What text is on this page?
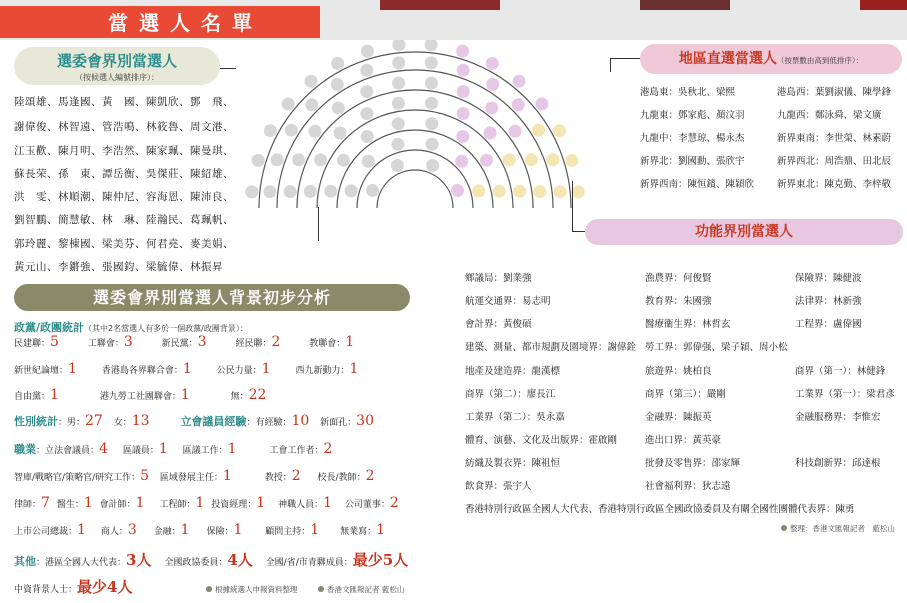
當選人名單
選委會界別當選人
（按候選人編號排序）：
陸頌雄、馬逢國、黃　國、陳凱欣、鄧　飛、
謝偉俊、林智遠、管浩鳴、林筱魯、周文港、
江玉歡、陳月明、李浩然、陳家珮、陳曼琪、
蘇長荣、孫　東、譚岳衡、吳傑莊、陳紹雄、
洪　雯、林順潮、陳仲尼、容海恩、陳沛良、
劉智鵬、簡慧敏、林　琳、陸瀚民、葛珮帆、
郭玲麗、黎棟國、梁美芬、何君堯、麥美娟、
黃元山、李鏘強、張國鈞、梁毓偉、林振昇
選委會界別當選人背景初步分析
政黨/政團統計（其中2名當選人有多於一個政黨/政團背景）：
民建聯：5	工聯會：3	新民黨：3	經民聯：2	教聯會：1
新世紀論壇：1	香港島各界聯合會：1	公民力量：1	西九新動力：1
自由黨：1	港九勞工社團聯會：1	無：22
性別統計：男：27 女：13	立會議員經驗：有經驗：10 新面孔：30
職業：立法會議員：4 區議員：1 區議工作：1	工會工作者：2
智庫/戰略官/策略官/研究工作：5 區域發展主任：1	教授：2 校長/教師：2
律師：7 醫生：1 會計師：1 工程師：1 投資經理：1 神職人員：1 公司董事：2
上市公司總裁：1 商人：3 金融：1 保險：1	顧問主持：1 無業寫：1
其他：港區全國人大代表：3人 全國政協委員：4人 全國/省/市青聯成員：最少5人
中資背景人士：最少4人	根據統選人申報資料整理	香港文匯報記者 藍松山
地區直選當選人（按票數由高到低排序）：
港島東：吳秋北、梁熙	港島西：葉劉淑儀、陳學鋒
九龍東：鄧家彪、顏汶羽	九龍西：鄭泳舜、梁文廣
九龍中：李慧琼、楊永杰	新界東南：李世榮、林素蔚
新界北：劉國勳、張欣宇	新界西北：周浩鼎、田北辰
新界西南：陳恒鑌、陳穎欣 新界東北：陳克勤、李梓敬
功能界別當選人
鄉議局：劉業強	漁農界：何俊賢	保險界：陳健波
航運交通界：易志明	教育界：朱國強	法律界：林新強
會計界：黃俊碩	醫療衞生界：林哲玄	工程界：盧偉國
建築、測量、都市規劃及園境界：謝偉銓 勞工界：郭偉强、梁子穎、周小松
地產及建造界：龍漢標	旅遊界：姚柏良	商界（第一）：林健鋒
商界（第二）：廖長江	商界（第三）：嚴剛	工業界（第一）：梁君彥
工業界（第二）：吳永嘉	金融界：陳振英	金融服務界：李惟宏
體育、演藝、文化及出版界：霍啟剛	進出口界：黃英豪
紡織及製衣界：陳祖恒	批發及零售界：邵家輝	科技創新界：邱達根
飲食界：張宇人	社會福利界：狄志遠
香港特別行政區全國人大代表、香港特別行政區全國政協委員及有關全國性團體代表界：陳勇
整理：香港文匯報記者　藍松山
